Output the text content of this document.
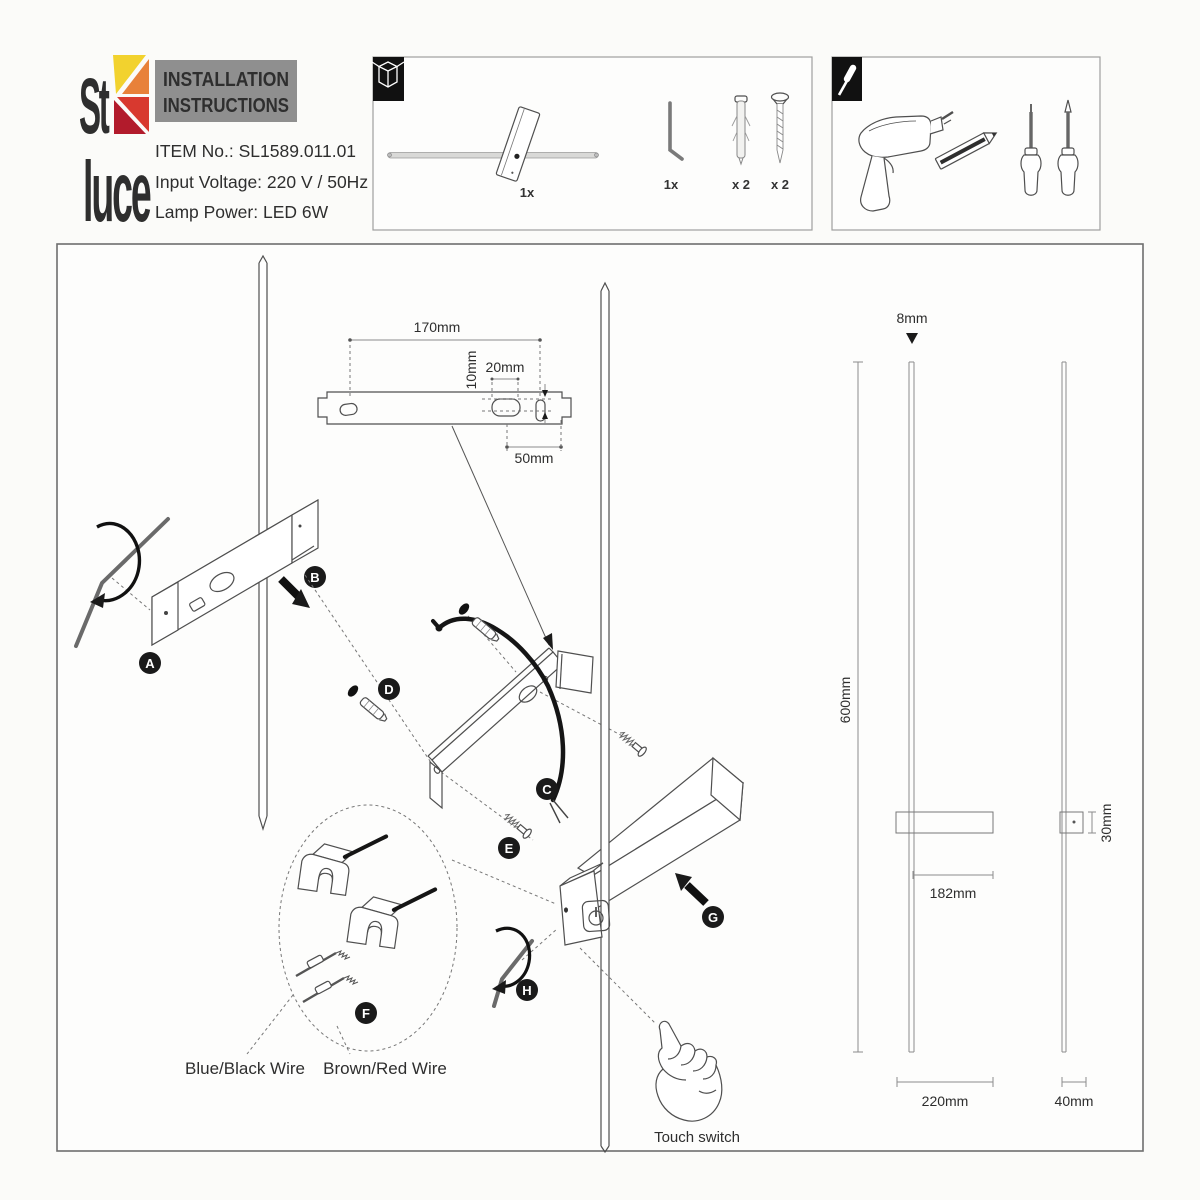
St
luce
INSTALLATION
INSTRUCTIONS
ITEM No.: SL1589.011.01
Input Voltage: 220 V / 50Hz
Lamp Power: LED 6W
1x
1x	x 2 x 2
170mm
10mm 20mm
50mm
A
B
C
D
E
G
H
Touch switch
F
Blue/Black Wire Brown/Red Wire
600mm
8mm
182mm
220mm
30mm
40mm
